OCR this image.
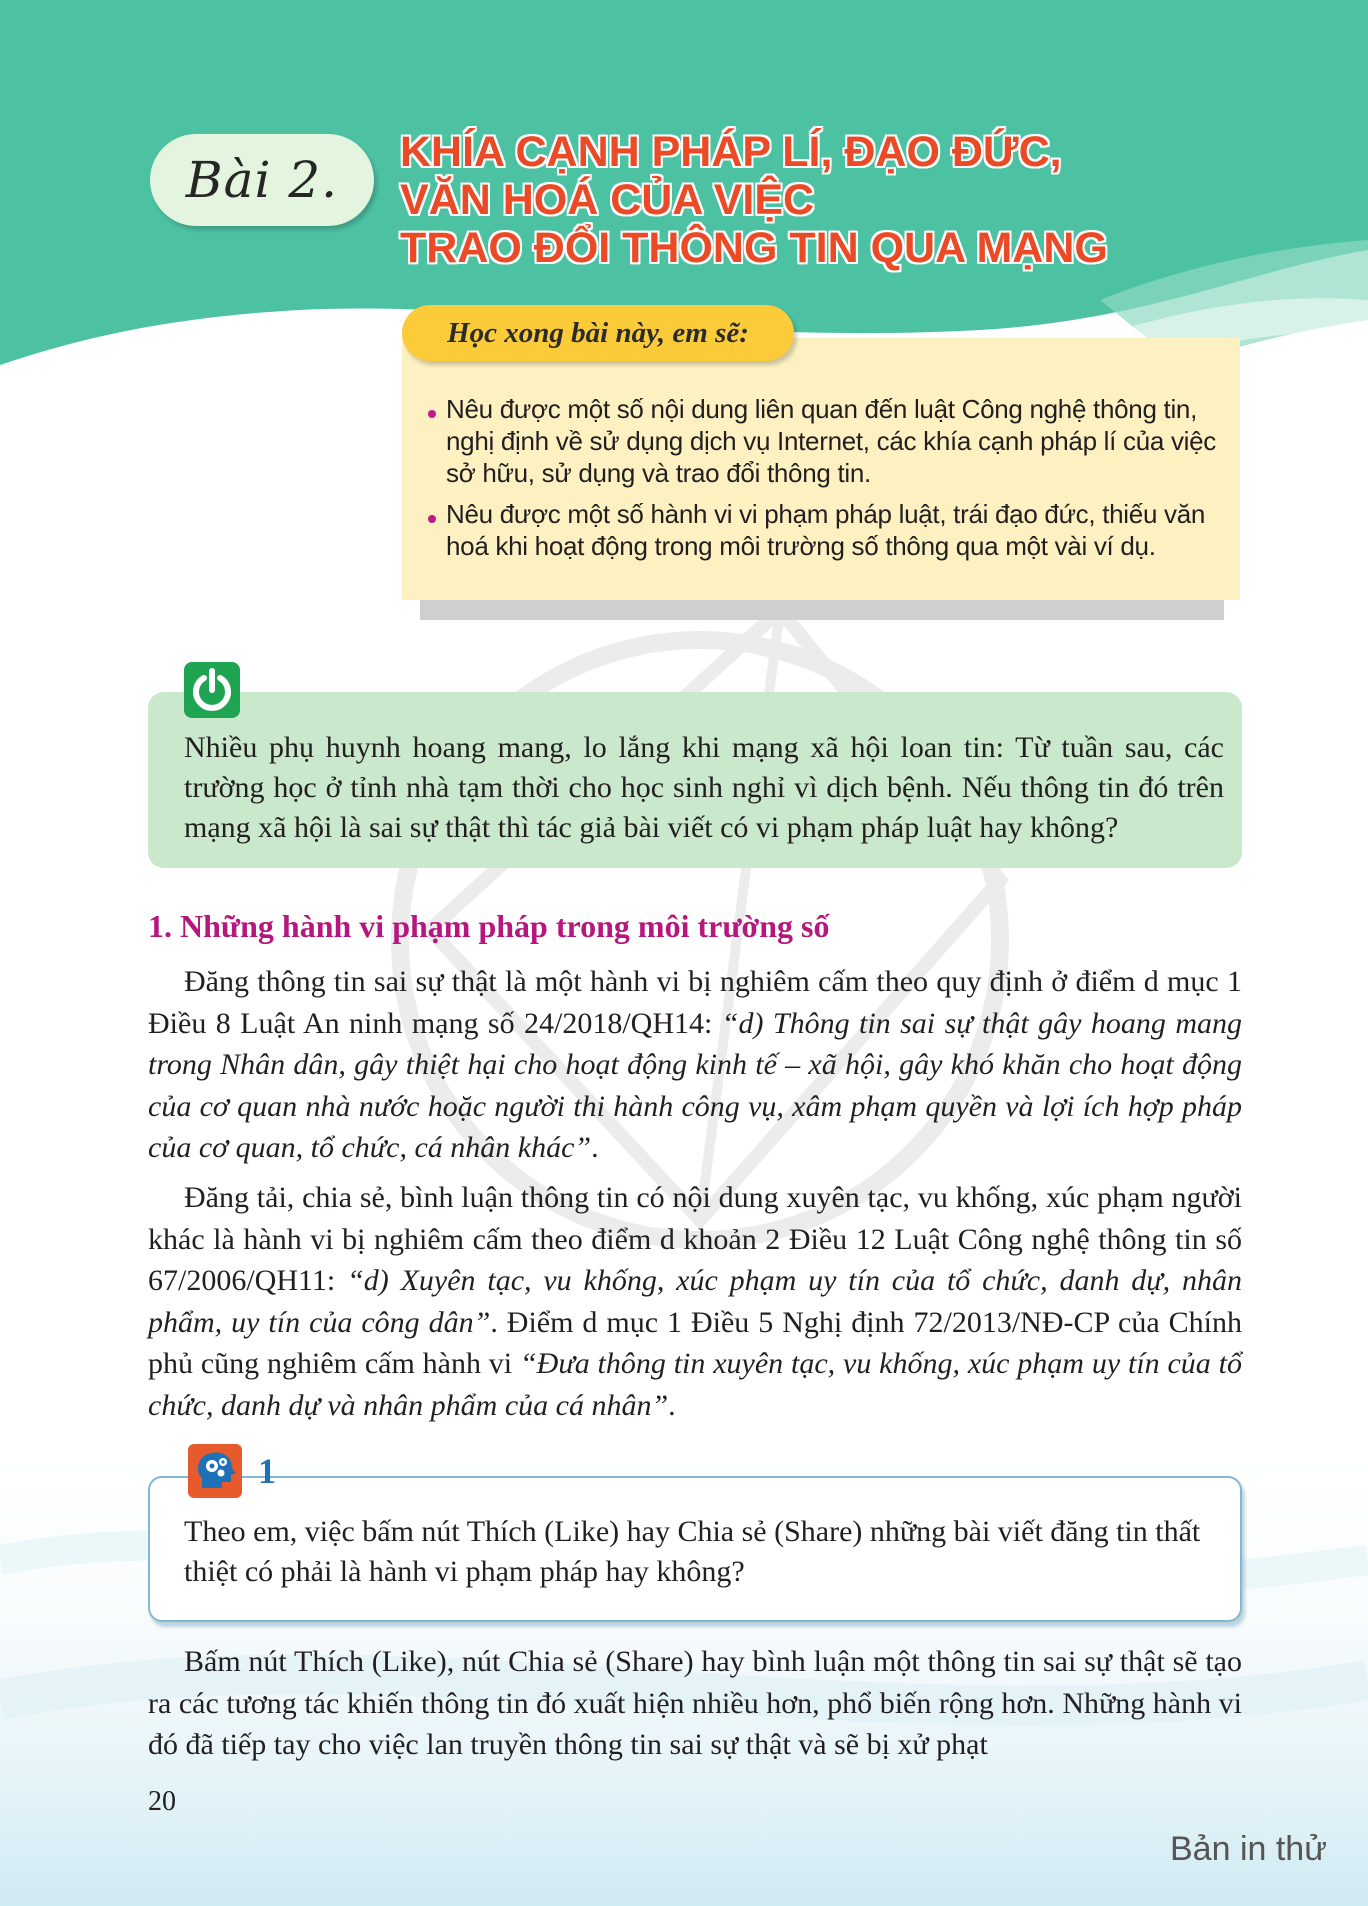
Bài 2. KHÍA CẠNH PHÁP LÍ, ĐẠO ĐỨC,
VĂN HOÁ CỦA VIỆC
TRAO ĐỔI THÔNG TIN QUA MẠNG
Học xong bài này, em sẽ:
Nêu được một số nội dung liên quan đến luật Công nghệ thông tin, nghị định về sử dụng dịch vụ Internet, các khía cạnh pháp lí của việc sở hữu, sử dụng và trao đổi thông tin.
Nêu được một số hành vi vi phạm pháp luật, trái đạo đức, thiếu văn hoá khi hoạt động trong môi trường số thông qua một vài ví dụ.
Nhiều phụ huynh hoang mang, lo lắng khi mạng xã hội loan tin: Từ tuần sau, các trường học ở tỉnh nhà tạm thời cho học sinh nghỉ vì dịch bệnh. Nếu thông tin đó trên mạng xã hội là sai sự thật thì tác giả bài viết có vi phạm pháp luật hay không?
1. Những hành vi phạm pháp trong môi trường số
Đăng thông tin sai sự thật là một hành vi bị nghiêm cấm theo quy định ở điểm d mục 1 Điều 8 Luật An ninh mạng số 24/2018/QH14: “d) Thông tin sai sự thật gây hoang mang trong Nhân dân, gây thiệt hại cho hoạt động kinh tế – xã hội, gây khó khăn cho hoạt động của cơ quan nhà nước hoặc người thi hành công vụ, xâm phạm quyền và lợi ích hợp pháp của cơ quan, tổ chức, cá nhân khác”.
Đăng tải, chia sẻ, bình luận thông tin có nội dung xuyên tạc, vu khống, xúc phạm người khác là hành vi bị nghiêm cấm theo điểm d khoản 2 Điều 12 Luật Công nghệ thông tin số 67/2006/QH11: “d) Xuyên tạc, vu khống, xúc phạm uy tín của tổ chức, danh dự, nhân phẩm, uy tín của công dân”. Điểm d mục 1 Điều 5 Nghị định 72/2013/NĐ-CP của Chính phủ cũng nghiêm cấm hành vi “Đưa thông tin xuyên tạc, vu khống, xúc phạm uy tín của tổ chức, danh dự và nhân phẩm của cá nhân”.
1
Theo em, việc bấm nút Thích (Like) hay Chia sẻ (Share) những bài viết đăng tin thất thiệt có phải là hành vi phạm pháp hay không?
Bấm nút Thích (Like), nút Chia sẻ (Share) hay bình luận một thông tin sai sự thật sẽ tạo ra các tương tác khiến thông tin đó xuất hiện nhiều hơn, phổ biến rộng hơn. Những hành vi đó đã tiếp tay cho việc lan truyền thông tin sai sự thật và sẽ bị xử phạt
20
Bản in thử
